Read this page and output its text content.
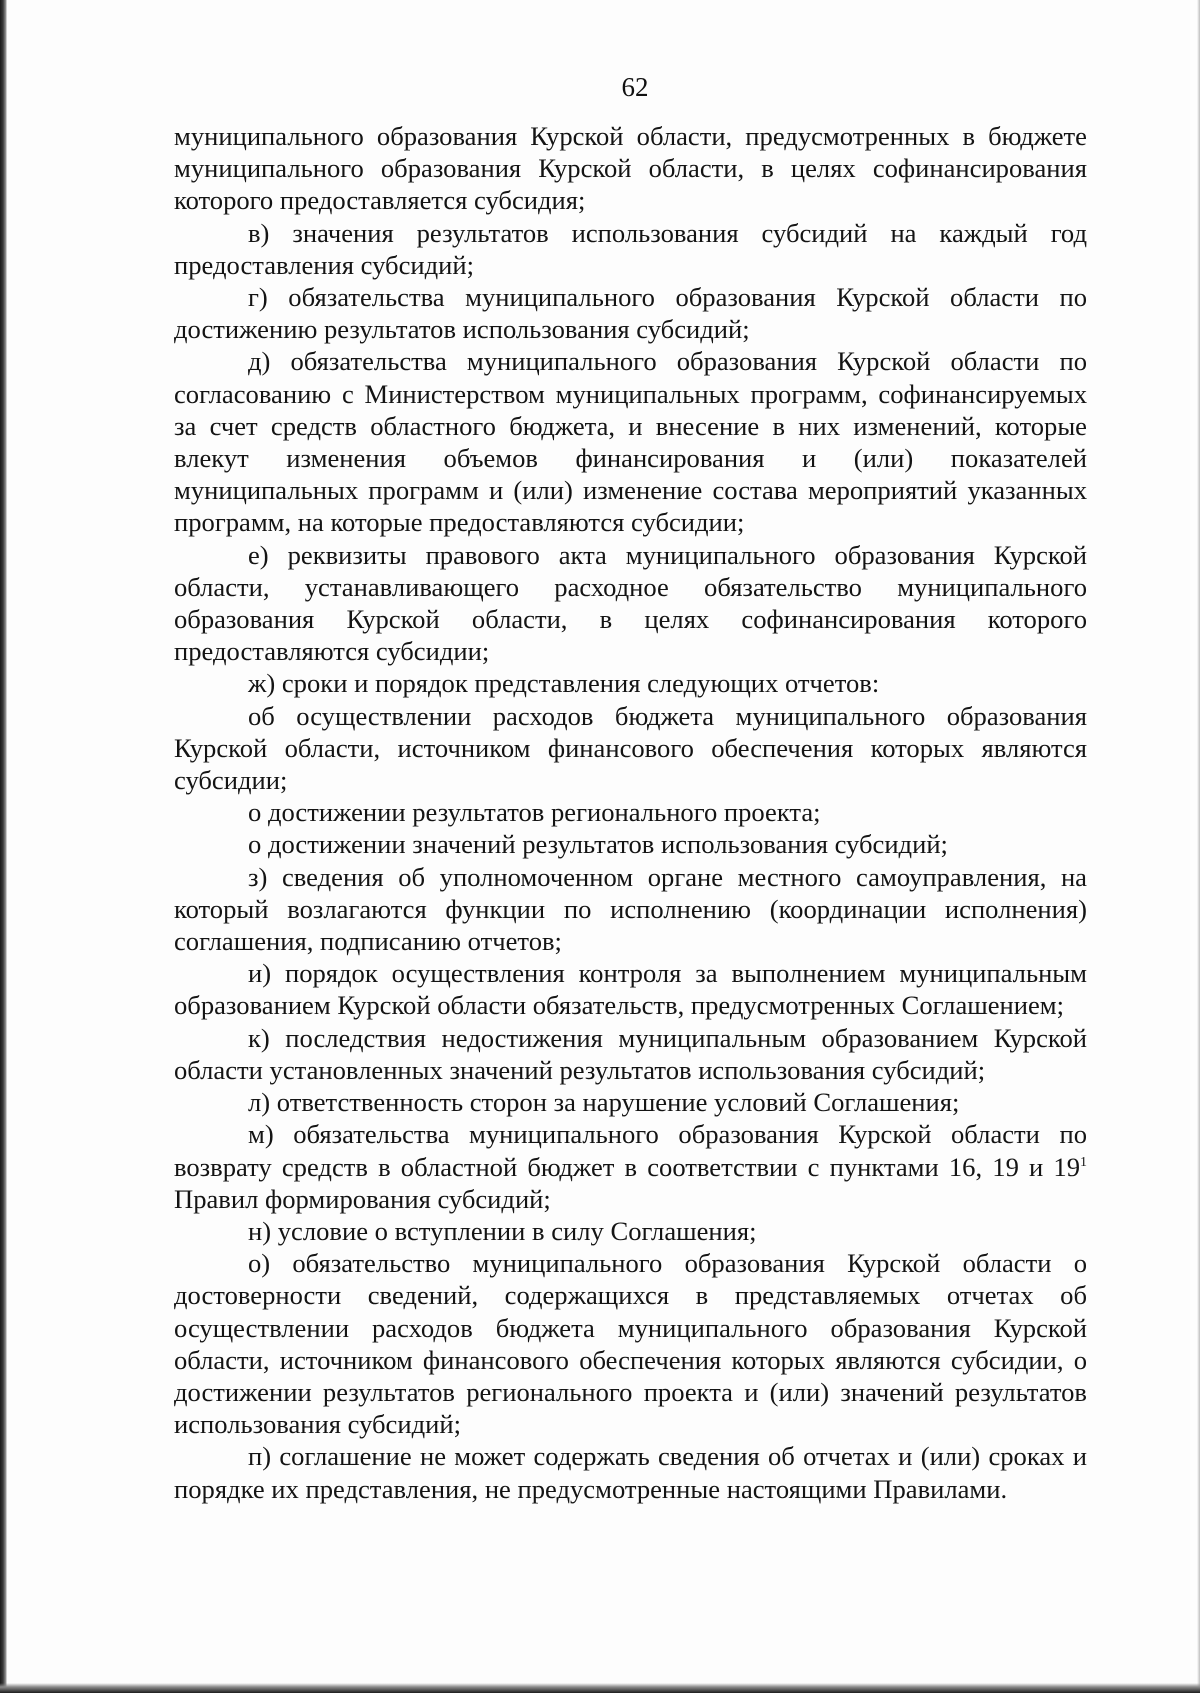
62

муниципального образования Курской области, предусмотренных в бюджете муниципального образования Курской области, в целях софинансирования которого предоставляется субсидия;

в) значения результатов использования субсидий на каждый год предоставления субсидий;

г) обязательства муниципального образования Курской области по достижению результатов использования субсидий;

д) обязательства муниципального образования Курской области по согласованию с Министерством муниципальных программ, софинансируемых за счет средств областного бюджета, и внесение в них изменений, которые влекут изменения объемов финансирования и (или) показателей муниципальных программ и (или) изменение состава мероприятий указанных программ, на которые предоставляются субсидии;

е) реквизиты правового акта муниципального образования Курской области, устанавливающего расходное обязательство муниципального образования Курской области, в целях софинансирования которого предоставляются субсидии;

ж) сроки и порядок представления следующих отчетов:

об осуществлении расходов бюджета муниципального образования Курской области, источником финансового обеспечения которых являются субсидии;

о достижении результатов регионального проекта;

о достижении значений результатов использования субсидий;

з) сведения об уполномоченном органе местного самоуправления, на который возлагаются функции по исполнению (координации исполнения) соглашения, подписанию отчетов;

и) порядок осуществления контроля за выполнением муниципальным образованием Курской области обязательств, предусмотренных Соглашением;

к) последствия недостижения муниципальным образованием Курской области установленных значений результатов использования субсидий;

л) ответственность сторон за нарушение условий Соглашения;

м) обязательства муниципального образования Курской области по возврату средств в областной бюджет в соответствии с пунктами 16, 19 и $19^1$ Правил формирования субсидий;

н) условие о вступлении в силу Соглашения;

о) обязательство муниципального образования Курской области о достоверности сведений, содержащихся в представляемых отчетах об осуществлении расходов бюджета муниципального образования Курской области, источником финансового обеспечения которых являются субсидии, о достижении результатов регионального проекта и (или) значений результатов использования субсидий;

п) соглашение не может содержать сведения об отчетах и (или) сроках и порядке их представления, не предусмотренные настоящими Правилами.
